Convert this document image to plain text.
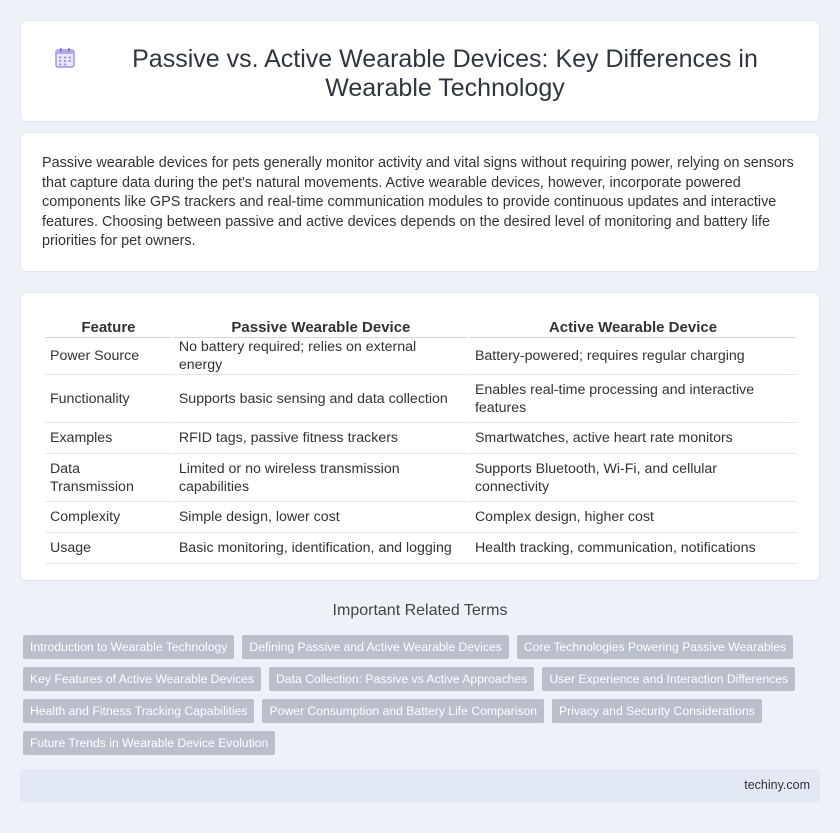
Passive vs. Active Wearable Devices: Key Differences in Wearable Technology

Passive wearable devices for pets generally monitor activity and vital signs without requiring power, relying on sensors that capture data during the pet's natural movements. Active wearable devices, however, incorporate powered components like GPS trackers and real-time communication modules to provide continuous updates and interactive features. Choosing between passive and active devices depends on the desired level of monitoring and battery life priorities for pet owners.

Feature	Passive Wearable Device	Active Wearable Device
Power Source	No battery required; relies on external energy	Battery-powered; requires regular charging
Functionality	Supports basic sensing and data collection	Enables real-time processing and interactive features
Examples	RFID tags, passive fitness trackers	Smartwatches, active heart rate monitors
Data Transmission	Limited or no wireless transmission capabilities	Supports Bluetooth, Wi-Fi, and cellular connectivity
Complexity	Simple design, lower cost	Complex design, higher cost
Usage	Basic monitoring, identification, and logging	Health tracking, communication, notifications
Important Related Terms
Introduction to Wearable Technology	Defining Passive and Active Wearable Devices	Core Technologies Powering Passive Wearables
Key Features of Active Wearable Devices	Data Collection: Passive vs Active Approaches	User Experience and Interaction Differences
Health and Fitness Tracking Capabilities	Power Consumption and Battery Life Comparison	Privacy and Security Considerations
Future Trends in Wearable Device Evolution
techiny.com
